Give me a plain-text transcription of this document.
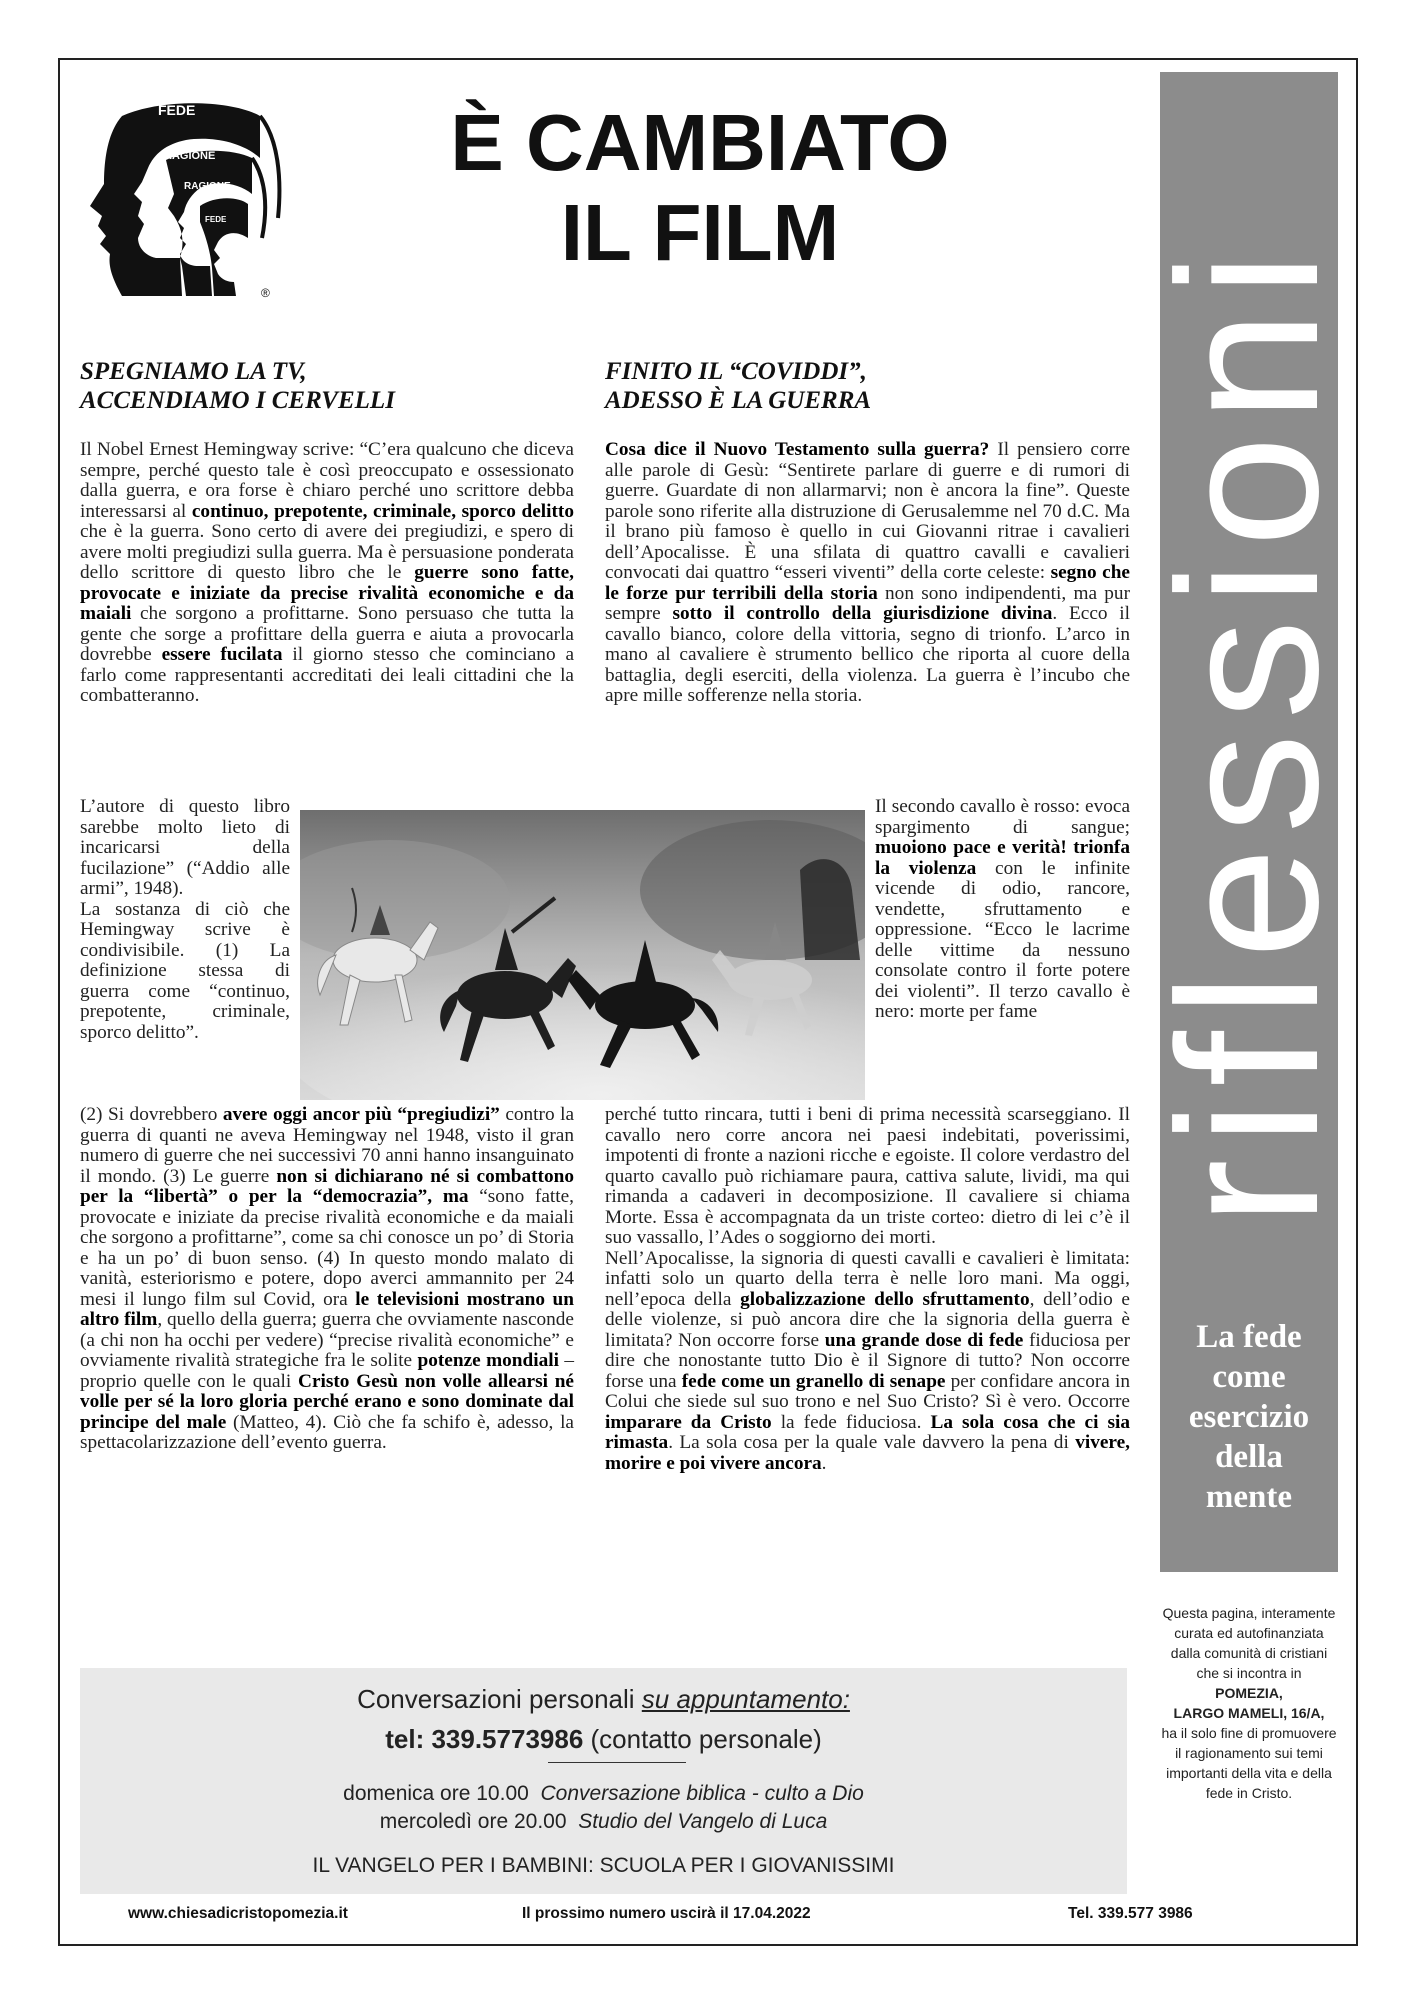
FEDE
RAGIONE
RAGIONE
FEDE
®
È CAMBIATO
IL FILM
riflessioni
La fede
come
esercizio
della
mente
Questa pagina, interamente curata ed autofinanziata dalla comunità di cristiani che si incontra in
POMEZIA,
LARGO MAMELI, 16/A,
ha il solo fine di promuovere il ragionamento sui temi importanti della vita e della fede in Cristo.
SPEGNIAMO LA TV,
ACCENDIAMO I CERVELLI

Il Nobel Ernest Hemingway scrive: “C’era qualcuno che diceva sempre, perché questo tale è così preoccupato e ossessionato dalla guerra, e ora forse è chiaro perché uno scrittore debba interessarsi al continuo, prepotente, criminale, sporco delitto che è la guerra. Sono certo di avere dei pregiudizi, e spero di avere molti pregiudizi sulla guerra. Ma è persuasione ponderata dello scrittore di questo libro che le guerre sono fatte, provocate e iniziate da precise rivalità economiche e da maiali che sorgono a profittarne. Sono persuaso che tutta la gente che sorge a profittare della guerra e aiuta a provocarla dovrebbe essere fucilata il giorno stesso che cominciano a farlo come rappresentanti accreditati dei leali cittadini che la combatteranno.

L’autore di questo libro sarebbe molto lieto di incaricarsi della fucilazione” (“Addio alle armi”, 1948).

La sostanza di ciò che Hemingway scrive è condivisibile. (1) La definizione stessa di guerra come “continuo, prepotente, criminale, sporco delitto”.

(2) Si dovrebbero avere oggi ancor più “pregiudizi” contro la guerra di quanti ne aveva Hemingway nel 1948, visto il gran numero di guerre che nei successivi 70 anni hanno insanguinato il mondo. (3) Le guerre non si dichiarano né si combattono per la “libertà” o per la “democrazia”, ma “sono fatte, provocate e iniziate da precise rivalità economiche e da maiali che sorgono a profittarne”, come sa chi conosce un po’ di Storia e ha un po’ di buon senso. (4) In questo mondo malato di vanità, esteriorismo e potere, dopo averci ammannito per 24 mesi il lungo film sul Covid, ora le televisioni mostrano un altro film, quello della guerra; guerra che ovviamente nasconde (a chi non ha occhi per vedere) “precise rivalità economiche” e ovviamente rivalità strategiche fra le solite potenze mondiali – proprio quelle con le quali Cristo Gesù non volle allearsi né volle per sé la loro gloria perché erano e sono dominate dal principe del male (Matteo, 4). Ciò che fa schifo è, adesso, la spettacolarizzazione dell’evento guerra.

FINITO IL “COVIDDI”,
ADESSO È LA GUERRA

Cosa dice il Nuovo Testamento sulla guerra? Il pensiero corre alle parole di Gesù: “Sentirete parlare di guerre e di rumori di guerre. Guardate di non allarmarvi; non è ancora la fine”. Queste parole sono riferite alla distruzione di Gerusalemme nel 70 d.C. Ma il brano più famoso è quello in cui Giovanni ritrae i cavalieri dell’Apocalisse. È una sfilata di quattro cavalli e cavalieri convocati dai quattro “esseri viventi” della corte celeste: segno che le forze pur terribili della storia non sono indipendenti, ma pur sempre sotto il controllo della giurisdizione divina. Ecco il cavallo bianco, colore della vittoria, segno di trionfo. L’arco in mano al cavaliere è strumento bellico che riporta al cuore della battaglia, degli eserciti, della violenza. La guerra è l’incubo che apre mille sofferenze nella storia.

Il secondo cavallo è rosso: evoca spargimento di sangue; muoiono pace e verità! trionfa la violenza con le infinite vicende di odio, rancore, vendette, sfruttamento e oppressione. “Ecco le lacrime delle vittime da nessuno consolate contro il forte potere dei violenti”. Il terzo cavallo è nero: morte per fame

perché tutto rincara, tutti i beni di prima necessità scarseggiano. Il cavallo nero corre ancora nei paesi indebitati, poverissimi, impotenti di fronte a nazioni ricche e egoiste. Il colore verdastro del quarto cavallo può richiamare paura, cattiva salute, lividi, ma qui rimanda a cadaveri in decomposizione. Il cavaliere si chiama Morte. Essa è accompagnata da un triste corteo: dietro di lei c’è il suo vassallo, l’Ades o soggiorno dei morti.

Nell’Apocalisse, la signoria di questi cavalli e cavalieri è limitata: infatti solo un quarto della terra è nelle loro mani. Ma oggi, nell’epoca della globalizzazione dello sfruttamento, dell’odio e delle violenze, si può ancora dire che la signoria della guerra è limitata? Non occorre forse una grande dose di fede fiduciosa per dire che nonostante tutto Dio è il Signore di tutto? Non occorre forse una fede come un granello di senape per confidare ancora in Colui che siede sul suo trono e nel Suo Cristo? Sì è vero. Occorre imparare da Cristo la fede fiduciosa. La sola cosa che ci sia rimasta. La sola cosa per la quale vale davvero la pena di vivere, morire e poi vivere ancora.

Conversazioni personali su appuntamento:
tel: 339.5773986 (contatto personale)
domenica ore 10.00 Conversazione biblica - culto a Dio
mercoledì ore 20.00 Studio del Vangelo di Luca
IL VANGELO PER I BAMBINI: SCUOLA PER I GIOVANISSIMI
www.chiesadicristopomezia.it	Il prossimo numero uscirà il 17.04.2022	Tel. 339.577 3986
